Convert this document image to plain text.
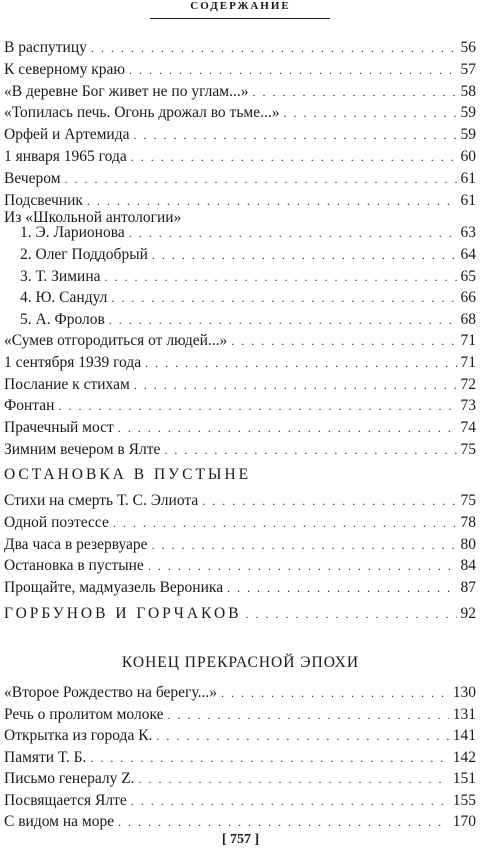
СОДЕРЖАНИЕ
В распутицу . . .	56
К северному краю . . .	57
«В деревне Бог живет не по углам...» . . .	58
«Топилась печь. Огонь дрожал во тьме...» . . .	59
Орфей и Артемида . . .	59
1 января 1965 года . . .	60
Вечером . . .	61
Подсвечник . . .	61
Из «Школьной антологии»
1. Э. Ларионова . . .	63
2. Олег Поддобрый . . .	64
3. Т. Зимина . . .	65
4. Ю. Сандул . . .	66
5. А. Фролов . . .	68
«Сумев отгородиться от людей...» . . .	71
1 сентября 1939 года . . .	71
Послание к стихам . . .	72
Фонтан . . .	73
Прачечный мост . . .	74
Зимним вечером в Ялте . . .	75
ОСТАНОВКА В ПУСТЫНЕ
Стихи на смерть Т. С. Элиота . . .	75
Одной поэтессе . . .	78
Два часа в резервуаре . . .	80
Остановка в пустыне . . .	84
Прощайте, мадмуазель Вероника . . .	87
ГОРБУНОВ И ГОРЧАКОВ . . .	92
КОНЕЦ ПРЕКРАСНОЙ ЭПОХИ
«Второе Рождество на берегу...» . . .	130
Речь о пролитом молоке . . .	131
Открытка из города К. . . .	141
Памяти Т. Б. . . .	142
Письмо генералу Z. . . .	151
Посвящается Ялте . . .	155
С видом на море . . .	170
[ 757 ]
